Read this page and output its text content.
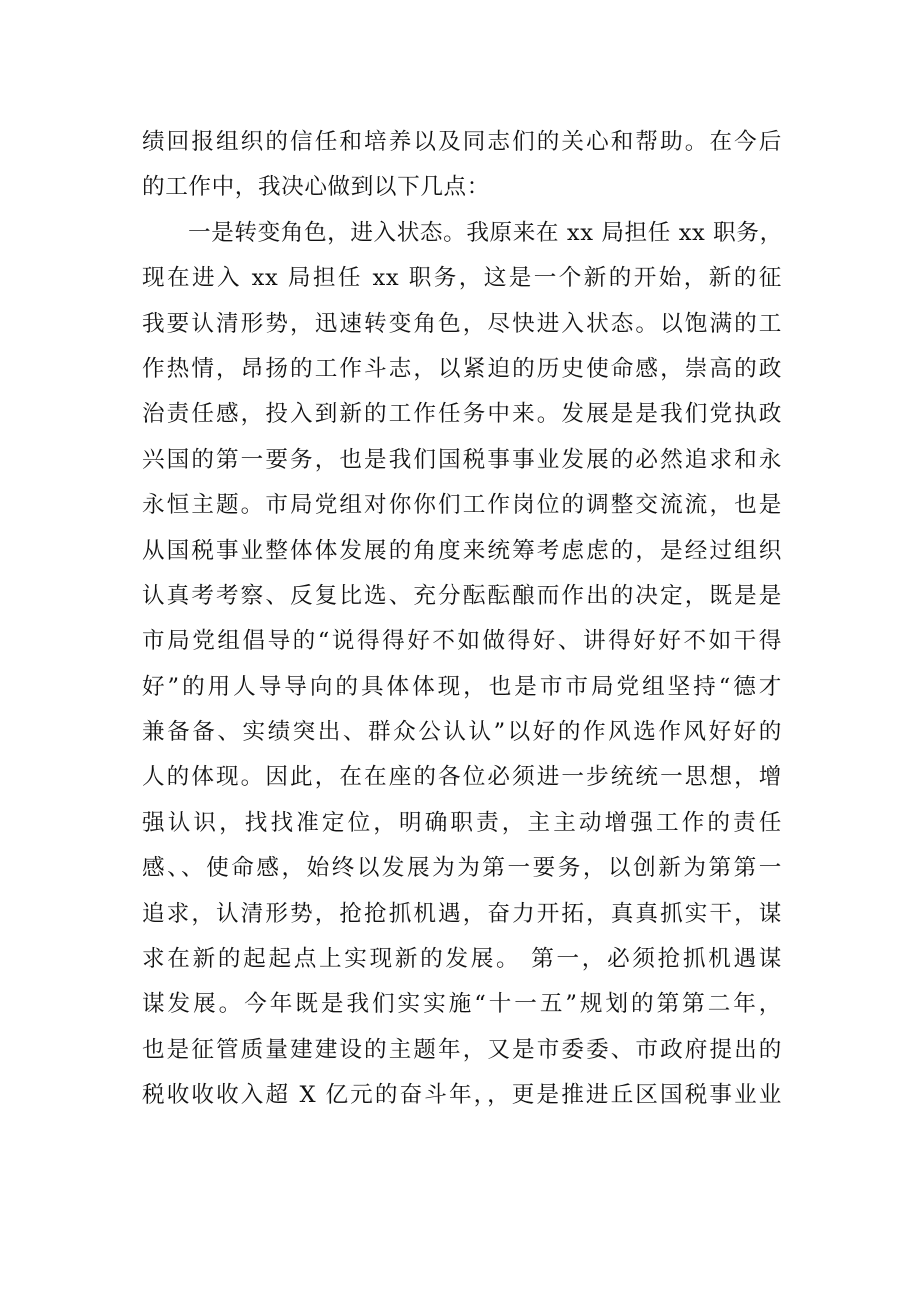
绩回报组织的信任和培养以及同志们的关心和帮助。在今后
的工作中，我决心做到以下几点：
一是转变角色，进入状态。我原来在 xx 局担任 xx 职务，
现在进入 xx 局担任 xx 职务，这是一个新的开始，新的征
我要认清形势，迅速转变角色，尽快进入状态。以饱满的工
作热情，昂扬的工作斗志，以紧迫的历史使命感，崇高的政
治责任感，投入到新的工作任务中来。发展是是我们党执政
兴国的第一要务，也是我们国税事事业发展的必然追求和永
永恒主题。市局党组对你你们工作岗位的调整交流流，也是
从国税事业整体体发展的角度来统筹考虑虑的，是经过组织
认真考考察、反复比选、充分酝酝酿而作出的决定，既是是
市局党组倡导的“说得得好不如做得好、讲得好好不如干得
好”的用人导导向的具体体现，也是市市局党组坚持“德才
兼备备、实绩突出、群众公认认”以好的作风选作风好好的
人的体现。因此，在在座的各位必须进一步统统一思想，增
强认识，找找准定位，明确职责，主主动增强工作的责任
感、、使命感，始终以发展为为第一要务，以创新为第第一
追求，认清形势，抢抢抓机遇，奋力开拓，真真抓实干，谋
求在新的起起点上实现新的发展。 第一，必须抢抓机遇谋
谋发展。今年既是我们实实施“十一五”规划的第第二年，
也是征管质量建建设的主题年，又是市委委、市政府提出的
税收收收入超 X 亿元的奋斗年，，更是推进丘区国税事业业
